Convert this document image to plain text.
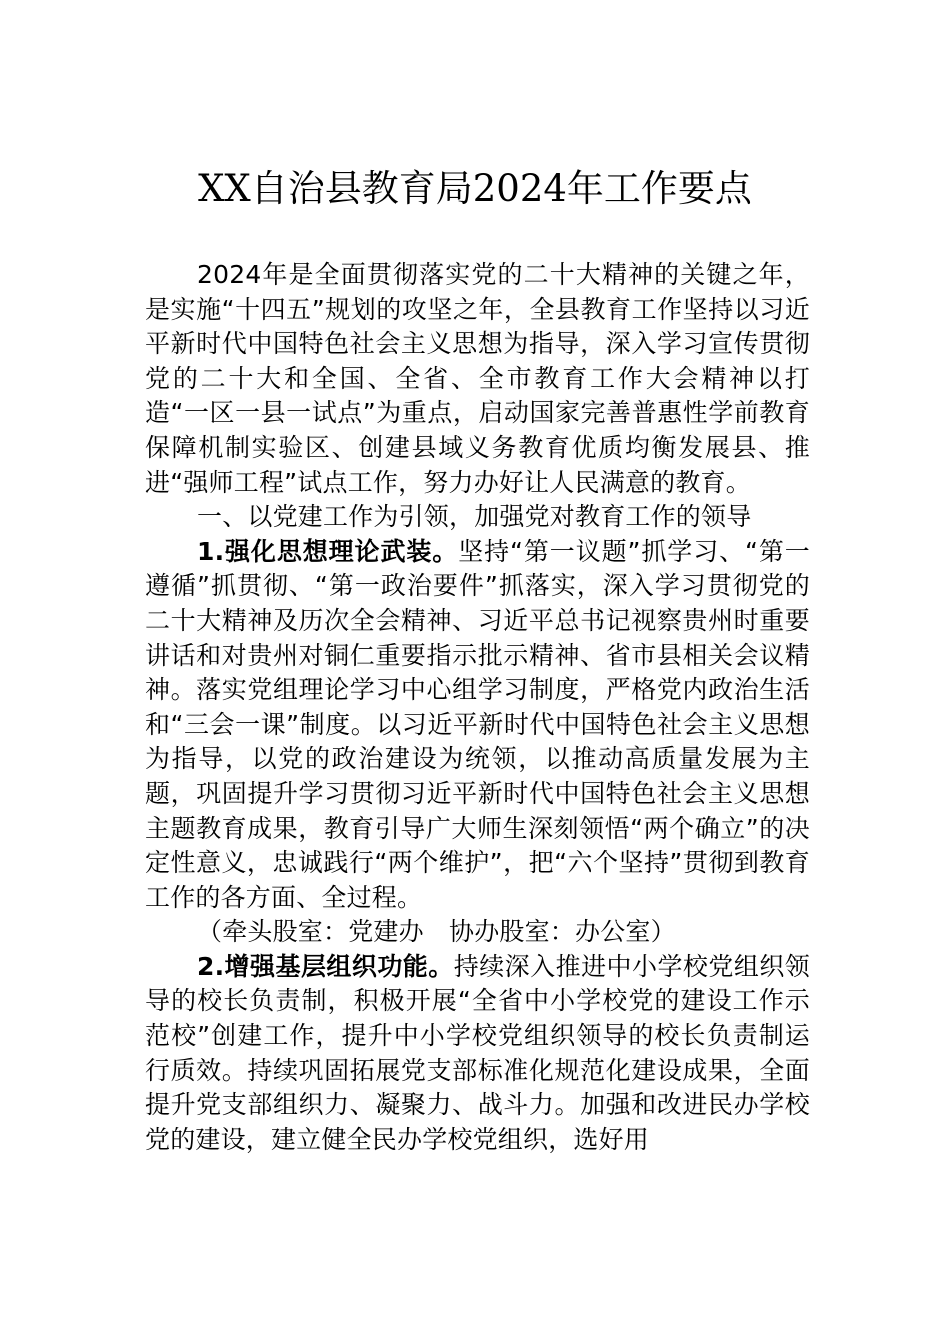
XX自治县教育局2024年工作要点

2024年是全面贯彻落实党的二十大精神的关键之年，是实施“十四五”规划的攻坚之年，全县教育工作坚持以习近平新时代中国特色社会主义思想为指导，深入学习宣传贯彻党的二十大和全国、全省、全市教育工作大会精神以打造“一区一县一试点”为重点，启动国家完善普惠性学前教育保障机制实验区、创建县域义务教育优质均衡发展县、推进“强师工程”试点工作，努力办好让人民满意的教育。

一、以党建工作为引领，加强党对教育工作的领导

1.强化思想理论武装。坚持“第一议题”抓学习、“第一遵循”抓贯彻、“第一政治要件”抓落实，深入学习贯彻党的二十大精神及历次全会精神、习近平总书记视察贵州时重要讲话和对贵州对铜仁重要指示批示精神、省市县相关会议精神。落实党组理论学习中心组学习制度，严格党内政治生活和“三会一课”制度。以习近平新时代中国特色社会主义思想为指导，以党的政治建设为统领，以推动高质量发展为主题，巩固提升学习贯彻习近平新时代中国特色社会主义思想主题教育成果，教育引导广大师生深刻领悟“两个确立”的决定性意义，忠诚践行“两个维护”，把“六个坚持”贯彻到教育工作的各方面、全过程。

（牵头股室：党建办　协办股室：办公室）

2.增强基层组织功能。持续深入推进中小学校党组织领导的校长负责制，积极开展“全省中小学校党的建设工作示范校”创建工作，提升中小学校党组织领导的校长负责制运行质效。持续巩固拓展党支部标准化规范化建设成果，全面提升党支部组织力、凝聚力、战斗力。加强和改进民办学校党的建设，建立健全民办学校党组织，选好用
